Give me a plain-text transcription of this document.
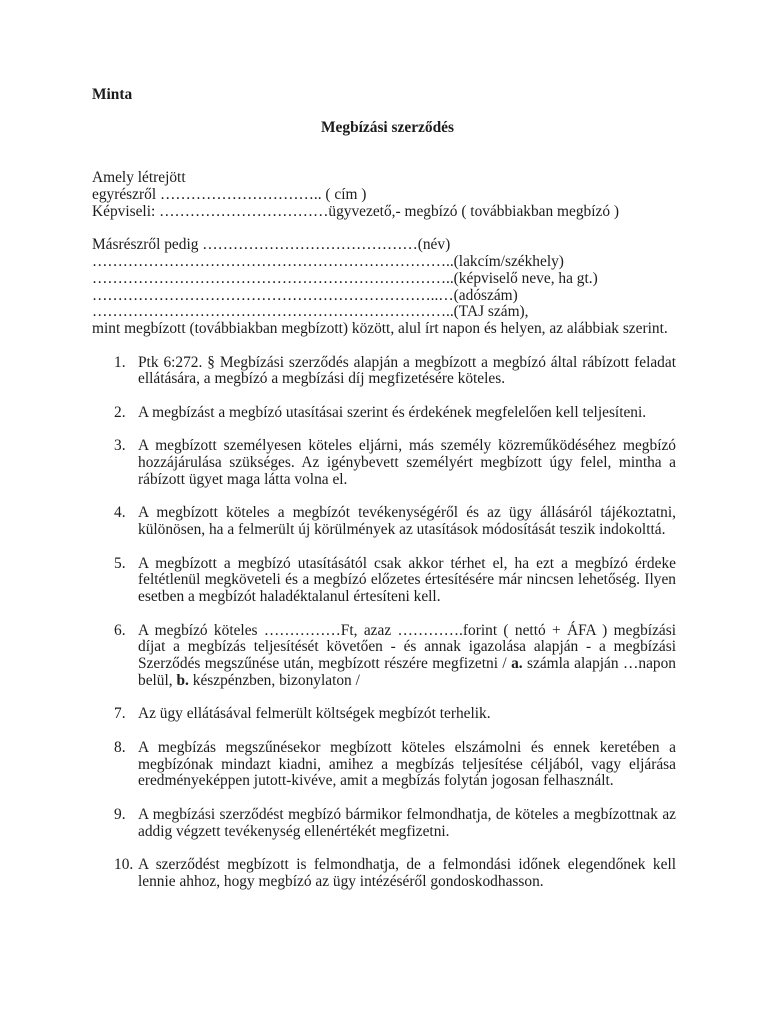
Minta
Megbízási szerződés
Amely létrejött
egyrészről ………………………….. ( cím )
Képviseli: ……………………………ügyvezető,- megbízó ( továbbiakban megbízó )
Másrészről pedig ……………………………………(név)
……………………………………………………………..(lakcím/székhely)
……………………………………………………………..(képviselő neve, ha gt.)
…………………………………………………………..…(adószám)
……………………………………………………………..(TAJ szám),
mint megbízott (továbbiakban megbízott) között, alul írt napon és helyen, az alábbiak szerint.
1. Ptk 6:272. § Megbízási szerződés alapján a megbízott a megbízó által rábízott feladat
ellátására, a megbízó a megbízási díj megfizetésére köteles.
2. A megbízást a megbízó utasításai szerint és érdekének megfelelően kell teljesíteni.
3. A megbízott személyesen köteles eljárni, más személy közreműködéséhez megbízó
hozzájárulása szükséges. Az igénybevett személyért megbízott úgy felel, mintha a
rábízott ügyet maga látta volna el.
4. A megbízott köteles a megbízót tevékenységéről és az ügy állásáról tájékoztatni,
különösen, ha a felmerült új körülmények az utasítások módosítását teszik indokolttá.
5. A megbízott a megbízó utasításától csak akkor térhet el, ha ezt a megbízó érdeke
feltétlenül megköveteli és a megbízó előzetes értesítésére már nincsen lehetőség. Ilyen
esetben a megbízót haladéktalanul értesíteni kell.
6. A megbízó köteles ……………Ft, azaz ………….forint ( nettó + ÁFA ) megbízási
díjat a megbízás teljesítését követően - és annak igazolása alapján - a megbízási
Szerződés megszűnése után, megbízott részére megfizetni / a. számla alapján …napon
belül, b. készpénzben, bizonylaton /
7. Az ügy ellátásával felmerült költségek megbízót terhelik.
8. A megbízás megszűnésekor megbízott köteles elszámolni és ennek keretében a
megbízónak mindazt kiadni, amihez a megbízás teljesítése céljából, vagy eljárása
eredményeképpen jutott-kivéve, amit a megbízás folytán jogosan felhasznált.
9. A megbízási szerződést megbízó bármikor felmondhatja, de köteles a megbízottnak az
addig végzett tevékenység ellenértékét megfizetni.
10. A szerződést megbízott is felmondhatja, de a felmondási időnek elegendőnek kell
lennie ahhoz, hogy megbízó az ügy intézéséről gondoskodhasson.
